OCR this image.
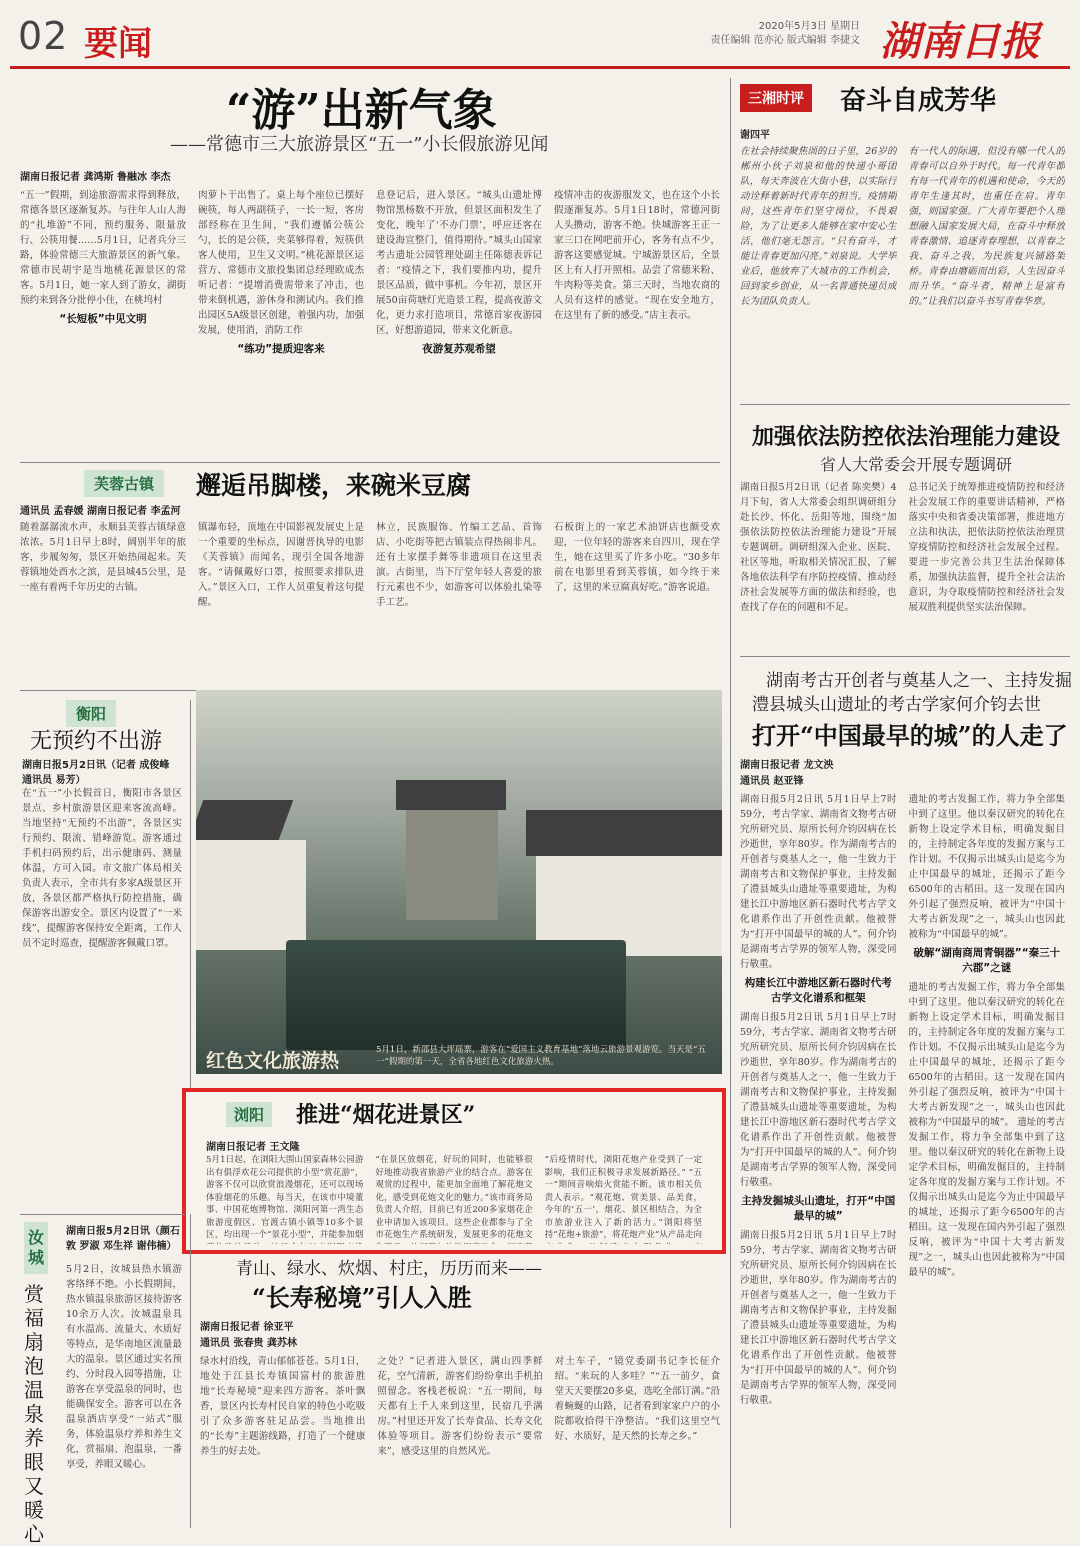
02 要闻	2020年5月3日 星期日
责任编辑 范亦沁 版式编辑 李捷文 湖南日报
“游”出新气象
——常德市三大旅游景区“五一”小长假旅游见闻
湖南日报记者 龚鸿斯 鲁融冰 李杰
“五一”假期，到途旅游需求得到释放，常德各景区逐渐复苏。与往年人山人海的“扎堆游”不同，预约服务、限量放行、公筷用餐……5月1日，记者兵分三路，体验常德三大旅游景区的新气象。常德市民胡宇是当地桃花源景区的常客。5月1日，她一家人到了游女，湖街预约来到各分批停小住，在桃坞村
“长短板”中见文明
肉萝卜干出售了。桌上每个座位已摆好碗筷，每人两副筷子，一长一短，客房部经称在卫生间，“我们遵循公筷公勺，长的是公筷，夹菜够得着，短筷供客人使用，卫生又文明。”桃花源景区运营方、常德市文旅投集团总经理欧成杰听记者：“提增消费需带来了冲击，也带来倒机遇，游休身和测试内。我们推出园区5A级景区创建，着强内功，加强发展，使用消，消防工作
“练功”提质迎客来
息登记后，进入景区。“城头山遗址博物馆黑杨数不开放，但景区面积发生了变化，晚年了‘不办门票’，呼应还客在建设海宣整门，值得期待。”城头山国家考古遗址公园管理处副主任陈德表诉记者：“疫情之下，我们要推内功，提升景区品质，做中事机。今年初，景区开展50亩荷塘灯光造景工程，提高夜游文化，更力求打造项目，常德首家夜游园区，好想游道园，带来文化新意。
夜游复苏观希望
疫情冲击的夜游服发文，也在这个小长假逐渐复苏。5月1日18时，常德河街人头攒动，游客不绝。快城游客王正一家三口在网吧前开心，客务有点不少，游客这要感觉城。宁城游景区后，全景区上有人打开照相。品尝了常德米粉、牛肉粉等美食。第三天时，当地农商的人员有这样的感觉。“现在安全地方，在这里有了新的感受。”店主表示。
三湘时评	奋斗自成芳华
谢四平
在社会持续聚焦颂的日子里，26岁的郴州小伙子刘泉和他的快递小哥团队，每天奔波在大街小巷，以实际行动诠释着新时代青年的担当。疫情期间，这些青年们坚守岗位，不畏艰险，为了让更多人能够在家中安心生活，他们毫无怨言。“只有奋斗，才能让青春更加闪亮。”刘泉说。大学毕业后，他放弃了大城市的工作机会，回到家乡创业，从一名普通快递员成长为团队负责人。
有一代人的际遇，但没有哪一代人的青春可以自外于时代。每一代青年都有每一代青年的机遇和使命，今天的青年生逢其时，也重任在肩。青年强，则国家强。广大青年要把个人理想融入国家发展大局，在奋斗中释放青春激情、追逐青春理想，以青春之我、奋斗之我，为民族复兴铺路架桥。青春由磨砺而出彩，人生因奋斗而升华。“奋斗者，精神上是富有的。”让我们以奋斗书写青春华章。
加强依法防控依法治理能力建设
省人大常委会开展专题调研
湖南日报5月2日讯（记者 陈奕樊）4月下旬，省人大常委会组织调研组分赴长沙、怀化、岳阳等地，围绕“加强依法防控依法治理能力建设”开展专题调研。调研组深入企业、医院、社区等地，听取相关情况汇报，了解各地依法科学有序防控疫情、推动经济社会发展等方面的做法和经验，也查找了存在的问题和不足。
总书记关于统筹推进疫情防控和经济社会发展工作的重要讲话精神，严格落实中央和省委决策部署，推进地方立法和执法，把依法防控依法治理贯穿疫情防控和经济社会发展全过程。要进一步完善公共卫生法治保障体系，加强执法监督，提升全社会法治意识，为夺取疫情防控和经济社会发展双胜利提供坚实法治保障。
湖南考古开创者与奠基人之一、主持发掘
澧县城头山遗址的考古学家何介钧去世
打开“中国最早的城”的人走了
湖南日报记者 龙文泱
通讯员 赵亚锋
湖南日报5月2日讯 5月1日早上7时59分，考古学家、湖南省文物考古研究所研究员、原所长何介钧因病在长沙逝世，享年80岁。作为湖南考古的开创者与奠基人之一，他一生致力于湖南考古和文物保护事业，主持发掘了澧县城头山遗址等重要遗址，为构建长江中游地区新石器时代考古学文化谱系作出了开创性贡献。他被誉为“打开中国最早的城的人”。何介钧是湖南考古学界的领军人物，深受同行敬重。
构建长江中游地区新石器时代考古学文化谱系和框架
湖南日报5月2日讯 5月1日早上7时59分，考古学家、湖南省文物考古研究所研究员、原所长何介钧因病在长沙逝世，享年80岁。作为湖南考古的开创者与奠基人之一，他一生致力于湖南考古和文物保护事业，主持发掘了澧县城头山遗址等重要遗址，为构建长江中游地区新石器时代考古学文化谱系作出了开创性贡献。他被誉为“打开中国最早的城的人”。何介钧是湖南考古学界的领军人物，深受同行敬重。
主持发掘城头山遗址，打开“中国最早的城”
湖南日报5月2日讯 5月1日早上7时59分，考古学家、湖南省文物考古研究所研究员、原所长何介钧因病在长沙逝世，享年80岁。作为湖南考古的开创者与奠基人之一，他一生致力于湖南考古和文物保护事业，主持发掘了澧县城头山遗址等重要遗址，为构建长江中游地区新石器时代考古学文化谱系作出了开创性贡献。他被誉为“打开中国最早的城的人”。何介钧是湖南考古学界的领军人物，深受同行敬重。
遗址的考古发掘工作，将力争全部集中到了这里。他以秦汉研究的转化在新物上设定学术目标，明确发掘目的，主持制定各年度的发掘方案与工作计划。不仅揭示出城头山是迄今为止中国最早的城址，还揭示了距今6500年的古稻田。这一发现在国内外引起了强烈反响，被评为“中国十大考古新发现”之一，城头山也因此被称为“中国最早的城”。
破解“湖南商周青铜器”“秦三十六郡”之谜
遗址的考古发掘工作，将力争全部集中到了这里。他以秦汉研究的转化在新物上设定学术目标，明确发掘目的，主持制定各年度的发掘方案与工作计划。不仅揭示出城头山是迄今为止中国最早的城址，还揭示了距今6500年的古稻田。这一发现在国内外引起了强烈反响，被评为“中国十大考古新发现”之一，城头山也因此被称为“中国最早的城”。 遗址的考古发掘工作，将力争全部集中到了这里。他以秦汉研究的转化在新物上设定学术目标，明确发掘目的，主持制定各年度的发掘方案与工作计划。不仅揭示出城头山是迄今为止中国最早的城址，还揭示了距今6500年的古稻田。这一发现在国内外引起了强烈反响，被评为“中国十大考古新发现”之一，城头山也因此被称为“中国最早的城”。
芙蓉古镇	邂逅吊脚楼，来碗米豆腐
通讯员 孟春媛 湖南日报记者 李孟河
随着潺潺流水声，永顺县芙蓉古镇绿意浓浓。5月1日早上8时，阔别半年的旅客，步履匆匆，景区开始热闹起来。芙蓉镇地处酉水之滨，是县城45公里，是一座有着两千年历史的古镇。
镇瀑布轻，顶地在中国影视发展史上是一个重要的坐标点，因谢晋执导的电影《芙蓉镇》而闻名，现引全国各地游客。“请佩戴好口罩，按照要求排队进入。”景区入口，工作人员重复着这句提醒。
林立，民族服饰、竹编工艺品、首饰店、小吃街等把古镇装点得热闹非凡。还有土家摆手舞等非遗项目在这里表演。古街里，当下厅堂年轻人喜爱的旅行元素也不少，如游客可以体验扎染等手工艺。
石板街上的一家艺术油饼店也颇受欢迎，一位年轻的游客来自四川，现在学生，她在这里买了许多小吃。“30多年前在电影里看到芙蓉镇，如今终于来了，这里的米豆腐真好吃。”游客说道。
衡阳
无预约不出游
湖南日报5月2日讯（记者 成俊峰 通讯员 易芳）
在“五一”小长假首日，衡阳市各景区景点、乡村旅游景区迎来客流高峰。当地坚持“无预约不出游”，各景区实行预约、限流、错峰游览。游客通过手机扫码预约后，出示健康码、测量体温，方可入园。市文旅广体局相关负责人表示，全市共有多家A级景区开放，各景区都严格执行防控措施，确保游客出游安全。景区内设置了“一米线”，提醒游客保持安全距离，工作人员不定时巡查，提醒游客佩戴口罩。
红色文化旅游热	5月1日，新邵县大坪瑶寨，游客在“爱国主义教育基地”落地云旅游景观游览。当天是“五一”假期的第一天，全省各地红色文化旅游火热。
浏阳	推进“烟花进景区”
湖南日报记者 王文隆
5月1日起，在浏阳大围山国家森林公园游出有俱浮欢花公司提供的小型“赏花游”，游客不仅可以欣赏浪漫烟花，还可以现场体验烟花的乐趣。每当天，在该市中境董事、中国花炮博物馆、浏阳河第一湾生态旅游度假区、官渡古镇小镇等10多个景区，均出现一个“景花小型”，并能参加烟
“在景区放烟花，好玩的同时，也能够很好地推动我省旅游产业的结合点。游客在观赏的过程中，能更加全面地了解花炮文化，感受到花炮文化的魅力。”该市商务局负责人介绍，目前已有近200多家烟花企业申请加入该项目。这些企业都参与了全市花炮生产系统研发，发展更多的花炮文
“后疫情时代，浏阳花炮产业受到了一定影响，我们正积极寻求发展新路径。” “五一”期间音响焰火赏能不断。该市相关负责人表示。“观花炮、赏美景、品美食，今年的‘五一’，烟花、景区相结合，为全市旅游业注入了新的活力。”浏阳将坚持“花炮+旅游”，将花炮产业“从产品走向
汝城
赏福扇泡温泉养眼又暖心
湖南日报5月2日讯（颜石敦 罗淑 邓生祥 谢伟楠）
5月2日，汝城县热水镇游客络绎不绝。小长假期间，热水镇温泉旅游区接待游客10余万人次。汝城温泉具有水温高、流量大、水质好等特点，是华南地区流量最大的温泉。景区通过实名预约、分时段入园等措施，让游客在享受温泉的同时，也能确保安全。游客可以在各温泉酒店享受“一站式”服务，体验温泉疗养和养生文化，赏福扇、泡温泉，一番享受，养眼又暖心。
青山、绿水、炊烟、村庄，历历而来——
“长寿秘境”引人入胜
湖南日报记者 徐亚平
通讯员 张春贵 龚苏林
绿水村沿线，青山郁郁苍苍。5月1日，地处于江县长寿镇国富村的旅游胜地“长寿秘境”迎来四方游客。茶叶飘香，景区内长寿村民自家的特色小吃吸引了众多游客驻足品尝。当地推出的“长寿”主题游线路，打造了一个健康养生的好去处。
之处？”记者进入景区，满山四季鲜花，空气清新，游客们纷纷拿出手机拍照留念。客栈老板说：“五一期间，每天都有上千人来到这里，民宿几乎满房。”村里还开发了长寿食品、长寿文化体验等项目。游客们纷纷表示“要常来”，感受这里的自然风光。
对土车子，“镜党委副书记李长征介绍。“来玩的人多哇？”“五一前夕，食堂天天要摆20多桌，选吃全部订满。”沿着蜿蜒的山路，记者看到家家户户的小院都收拾得干净整洁。“我们这里空气好、水质好，是天然的长寿之乡。”
